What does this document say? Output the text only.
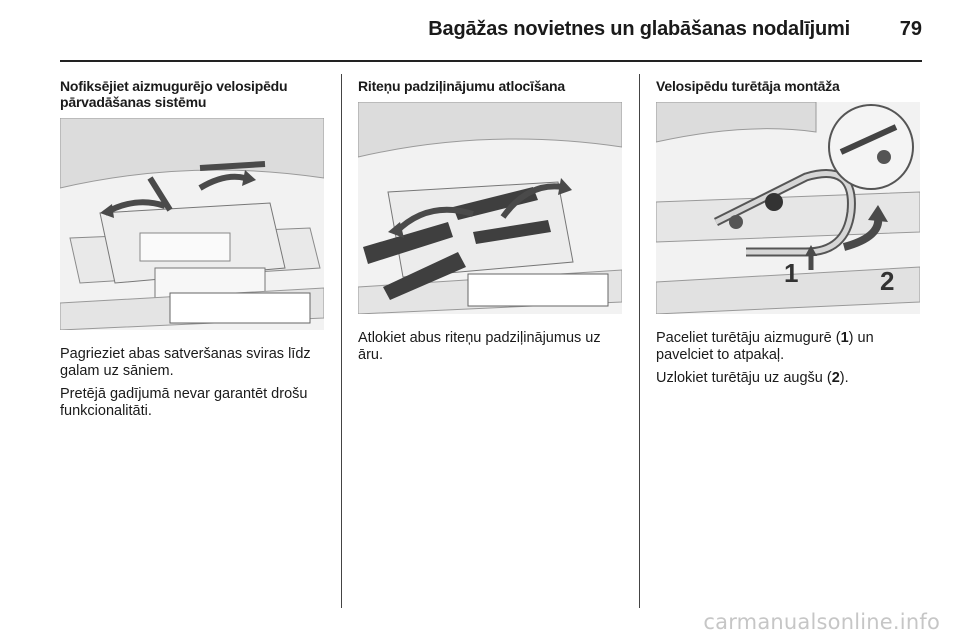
Bagāžas novietnes un glabāšanas nodalījumi	79
Nofiksējiet aizmugurējo velosipēdu pārvadāšanas sistēmu

Pagrieziet abas satveršanas sviras līdz galam uz sāniem.

Pretējā gadījumā nevar garantēt drošu funkcionalitāti.

Riteņu padziļinājumu atlocīšana

Atlokiet abus riteņu padziļinājumus uz āru.

Velosipēdu turētāja montāža
1	2

Paceliet turētāju aizmugurē (1) un pavelciet to atpakaļ.

Uzlokiet turētāju uz augšu (2).

carmanualsonline.info
